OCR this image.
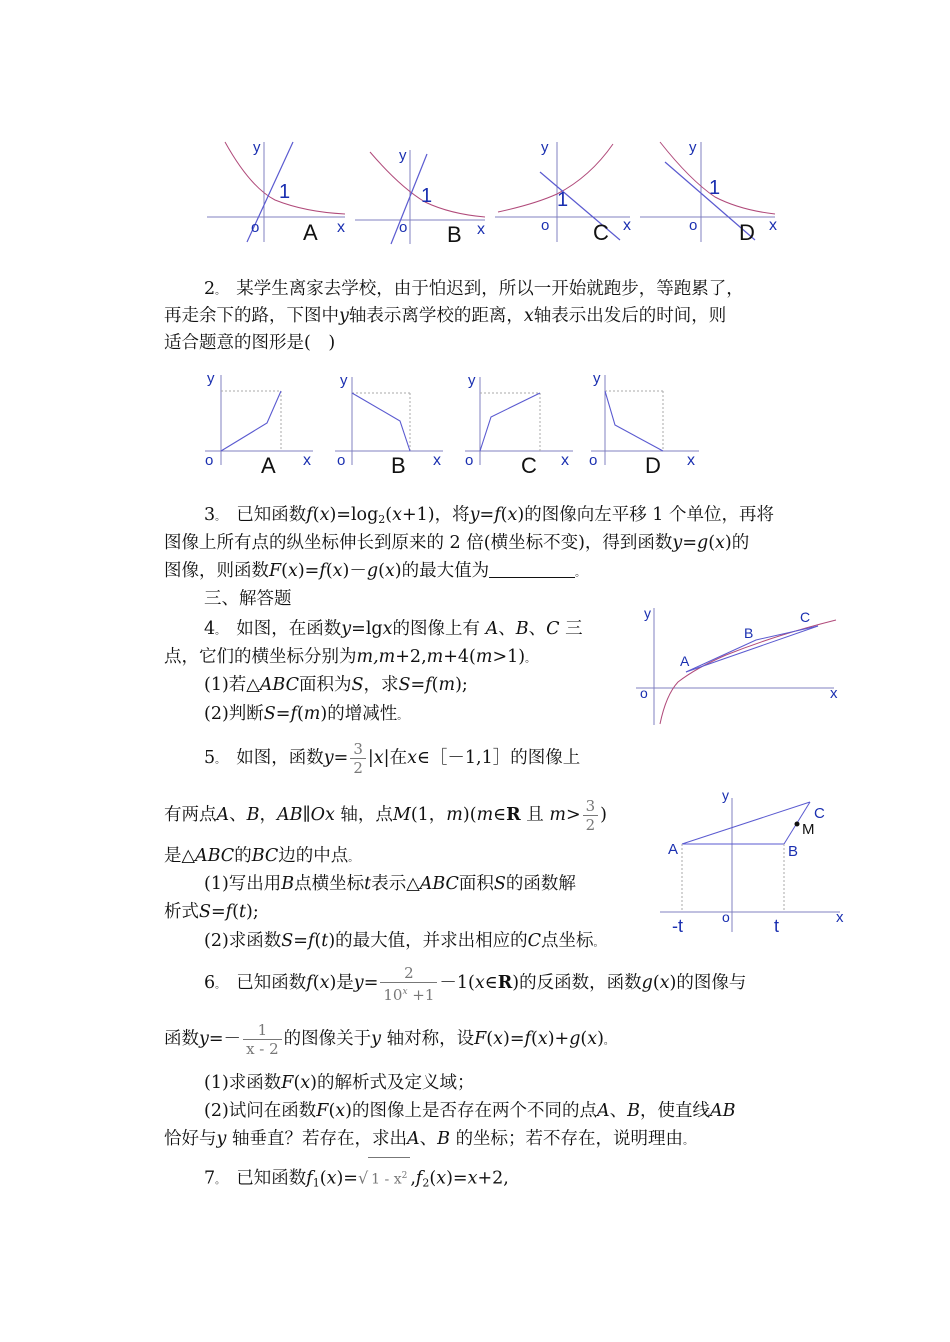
y
1
o	x
A
y
1
o	x
B
y
1
o	x
C
y
1
o	x
D
2。 某学生离家去学校，由于怕迟到，所以一开始就跑步，等跑累了，
再走余下的路，下图中y轴表示离学校的距离，x轴表示出发后的时间，则
适合题意的图形是(　)
y
o	x
A
y
o	x
B
y
o	x
C
y
o	x
D
3。 已知函数$f(x)=\log_2(x+1)$，将y=f(x)的图像向左平移 1 个单位，再将
图像上所有点的纵坐标伸长到原来的 2 倍(横坐标不变)，得到函数y=g(x)的
图像，则函数F(x)=f(x)－g(x)的最大值为	。
三、解答题
4。 如图，在函数y=lgx的图像上有 A、B、C 三
点，它们的横坐标分别为m,m+2,m+4(m>1)。
(1)若△ABC面积为S，求S=f(m);
(2)判断S=f(m)的增减性。
y
o	x
A
B
C
5。 如图，函数$y= \frac{3}{2} |x|$在x∈［－1,1］的图像上
有两点A、B，AB∥Ox 轴，点M(1，m)(m∈R 且 $m> \frac{3}{2}$ )
是△ABC的BC边的中点。
(1)写出用B点横坐标t表示△ABC面积S的函数解
析式S=f(t);
(2)求函数S=f(t)的最大值，并求出相应的C点坐标。
y
o	x
A	B
C
M
-t	t
6。 已知函数f(x)是$y= \frac{2}{10^x +1}$ －1(x∈R)的反函数，函数g(x)的图像与
函数$y=- \frac{1}{x - 2}$ 的图像关于y 轴对称，设F(x)=f(x)+g(x)。
(1)求函数F(x)的解析式及定义域；
(2)试问在函数F(x)的图像上是否存在两个不同的点A、B，使直线AB
恰好与y 轴垂直？若存在，求出A、B 的坐标；若不存在，说明理由。
7。 已知函数$f_1(x)=√$ $1 - x^2$ $,f_2(x)=x+2$,
